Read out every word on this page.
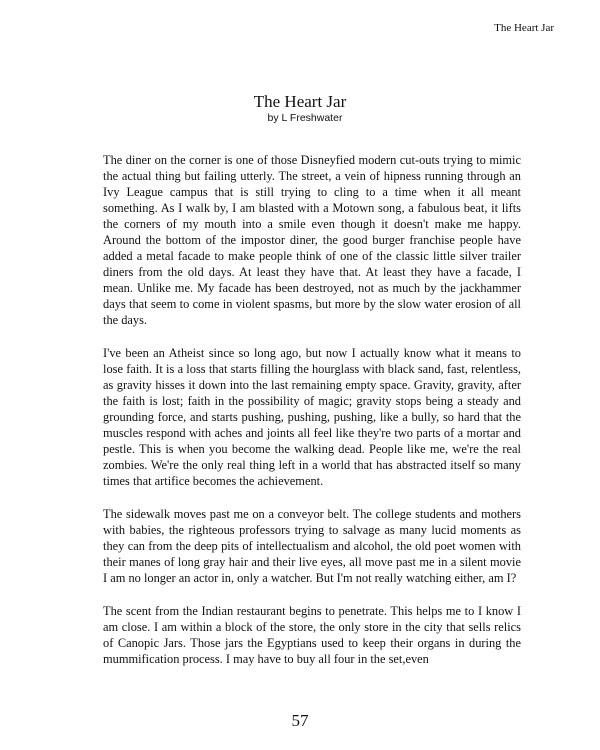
The Heart Jar
The Heart Jar
by L Freshwater

The diner on the corner is one of those Disneyfied modern cut-outs trying to mimic the actual thing but failing utterly. The street, a vein of hipness running through an Ivy League campus that is still trying to cling to a time when it all meant something. As I walk by, I am blasted with a Motown song, a fabulous beat, it lifts the corners of my mouth into a smile even though it doesn't make me happy. Around the bottom of the impostor diner, the good burger franchise people have added a metal facade to make people think of one of the classic little silver trailer diners from the old days. At least they have that. At least they have a facade, I mean. Unlike me. My facade has been destroyed, not as much by the jackhammer days that seem to come in violent spasms, but more by the slow water erosion of all the days.

I've been an Atheist since so long ago, but now I actually know what it means to lose faith. It is a loss that starts filling the hourglass with black sand, fast, relentless, as gravity hisses it down into the last remaining empty space. Gravity, gravity, after the faith is lost; faith in the possibility of magic; gravity stops being a steady and grounding force, and starts pushing, pushing, pushing, like a bully, so hard that the muscles respond with aches and joints all feel like they're two parts of a mortar and pestle. This is when you become the walking dead. People like me, we're the real zombies. We're the only real thing left in a world that has abstracted itself so many times that artifice becomes the achievement.

The sidewalk moves past me on a conveyor belt. The college students and mothers with babies, the righteous professors trying to salvage as many lucid moments as they can from the deep pits of intellectualism and alcohol, the old poet women with their manes of long gray hair and their live eyes, all move past me in a silent movie I am no longer an actor in, only a watcher. But I'm not really watching either, am I?

The scent from the Indian restaurant begins to penetrate. This helps me to I know I am close. I am within a block of the store, the only store in the city that sells relics of Canopic Jars. Those jars the Egyptians used to keep their organs in during the mummification process. I may have to buy all four in the set,even

57
